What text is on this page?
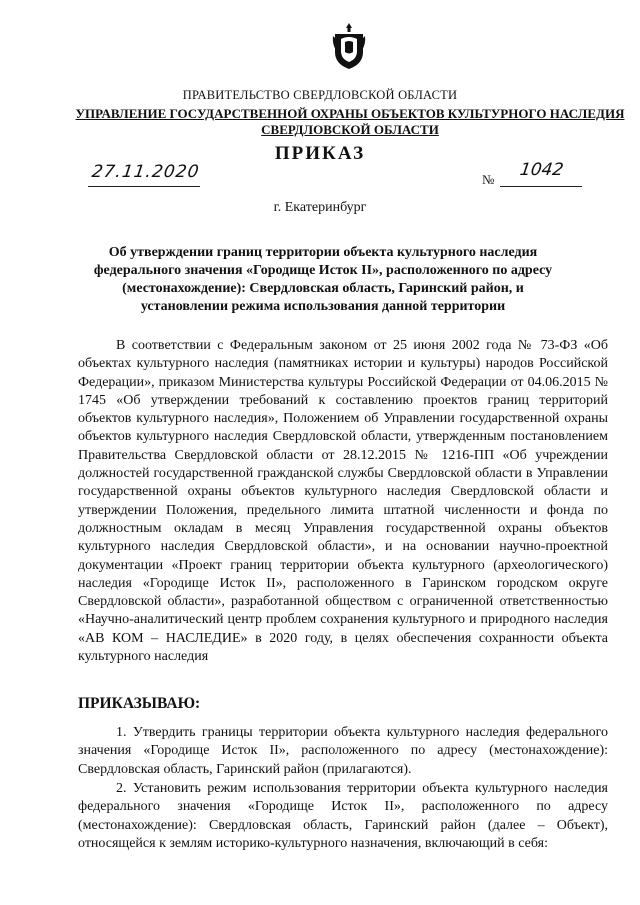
ПРАВИТЕЛЬСТВО СВЕРДЛОВСКОЙ ОБЛАСТИ
УПРАВЛЕНИЕ ГОСУДАРСТВЕННОЙ ОХРАНЫ ОБЪЕКТОВ КУЛЬТУРНОГО НАСЛЕДИЯ СВЕРДЛОВСКОЙ ОБЛАСТИ
ПРИКАЗ
27.11.2020	№ 1042
г. Екатеринбург
Об утверждении границ территории объекта культурного наследия федерального значения «Городище Исток II», расположенного по адресу (местонахождение): Свердловская область, Гаринский район, и установлении режима использования данной территории
В соответствии с Федеральным законом от 25 июня 2002 года № 73-ФЗ «Об объектах культурного наследия (памятниках истории и культуры) народов Российской Федерации», приказом Министерства культуры Российской Федерации от 04.06.2015 № 1745 «Об утверждении требований к составлению проектов границ территорий объектов культурного наследия», Положением об Управлении государственной охраны объектов культурного наследия Свердловской области, утвержденным постановлением Правительства Свердловской области от 28.12.2015 № 1216-ПП «Об учреждении должностей государственной гражданской службы Свердловской области в Управлении государственной охраны объектов культурного наследия Свердловской области и утверждении Положения, предельного лимита штатной численности и фонда по должностным окладам в месяц Управления государственной охраны объектов культурного наследия Свердловской области», и на основании научно-проектной документации «Проект границ территории объекта культурного (археологического) наследия «Городище Исток II», расположенного в Гаринском городском округе Свердловской области», разработанной обществом с ограниченной ответственностью «Научно-аналитический центр проблем сохранения культурного и природного наследия «АВ КОМ – НАСЛЕДИЕ» в 2020 году, в целях обеспечения сохранности объекта культурного наследия
ПРИКАЗЫВАЮ:
1. Утвердить границы территории объекта культурного наследия федерального значения «Городище Исток II», расположенного по адресу (местонахождение): Свердловская область, Гаринский район (прилагаются).
2. Установить режим использования территории объекта культурного наследия федерального значения «Городище Исток II», расположенного по адресу (местонахождение): Свердловская область, Гаринский район (далее – Объект), относящейся к землям историко-культурного назначения, включающий в себя:
